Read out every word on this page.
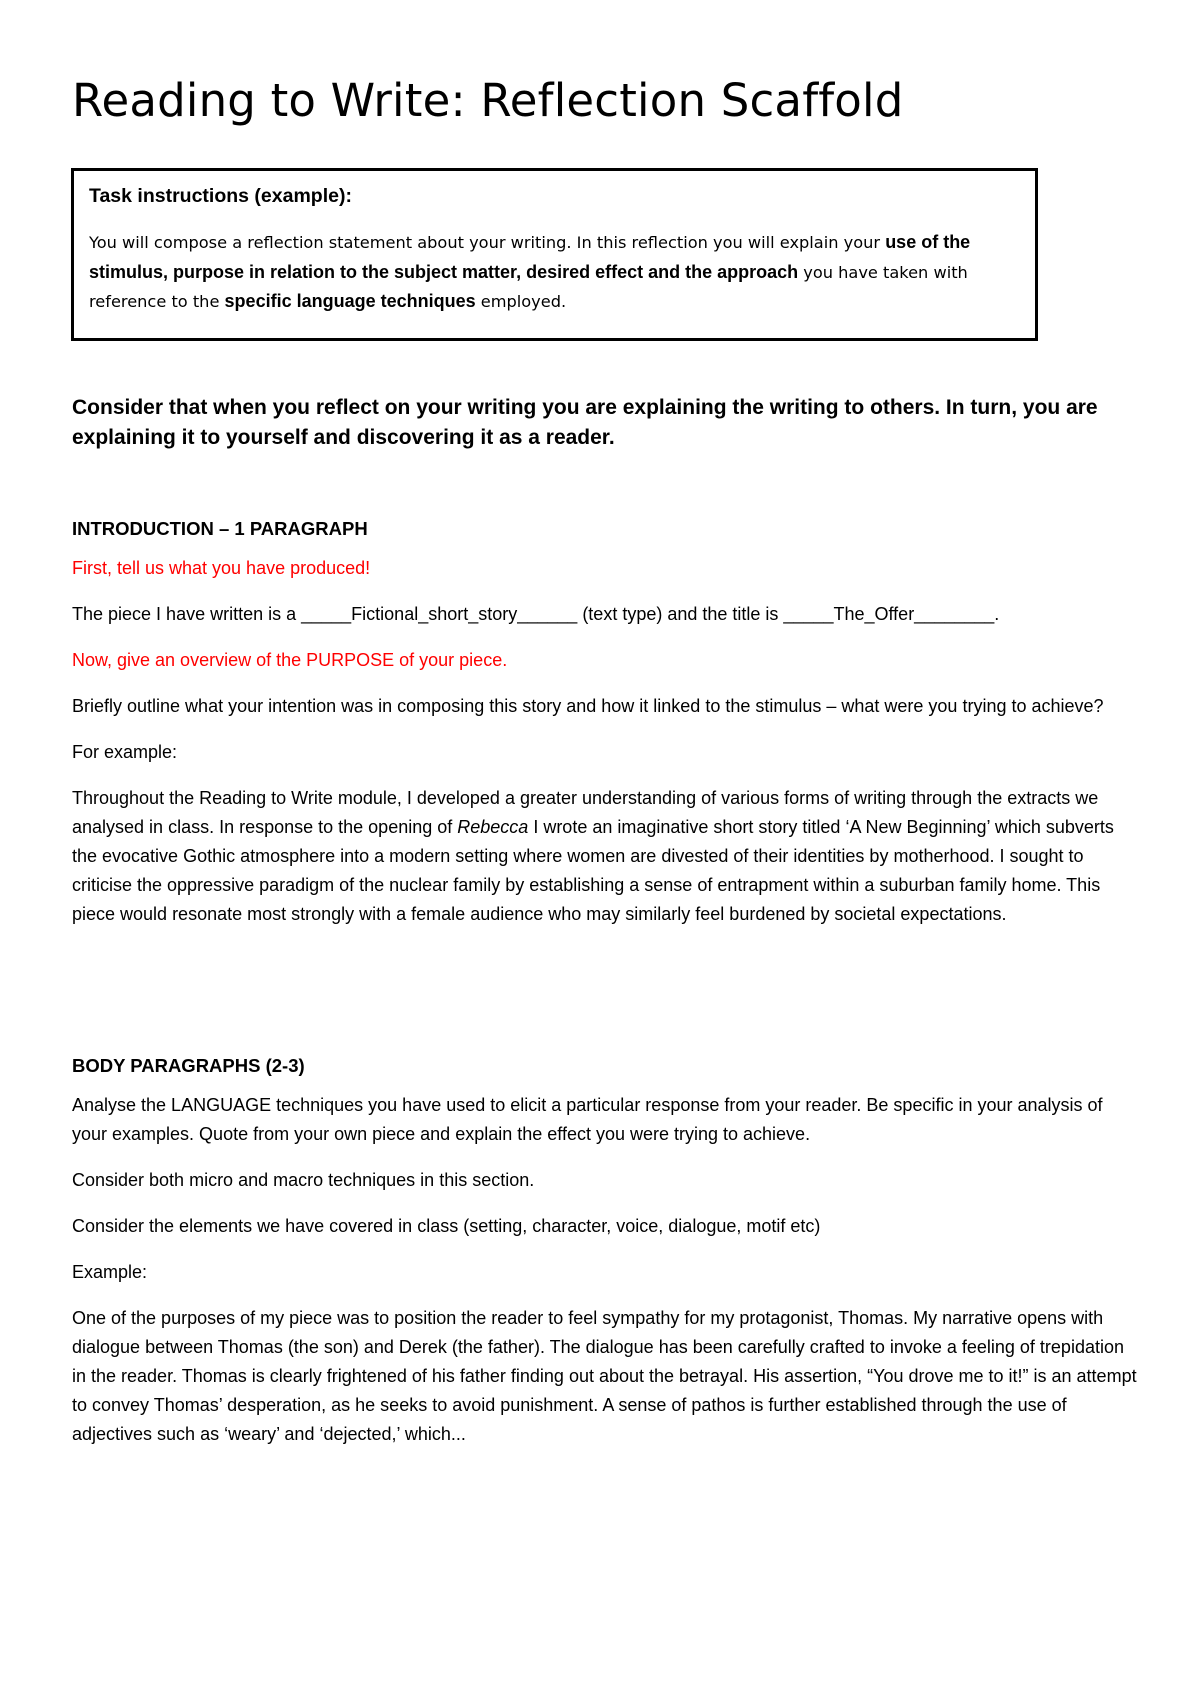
Reading to Write: Reflection Scaffold

Task instructions (example):

You will compose a reflection statement about your writing. In this reflection you will explain your use of the stimulus, purpose in relation to the subject matter, desired effect and the approach you have taken with reference to the specific language techniques employed.

Consider that when you reflect on your writing you are explaining the writing to others. In turn, you are explaining it to yourself and discovering it as a reader.

INTRODUCTION – 1 PARAGRAPH

First, tell us what you have produced!

The piece I have written is a _____Fictional_short_story______ (text type) and the title is _____The_Offer________.

Now, give an overview of the PURPOSE of your piece.

Briefly outline what your intention was in composing this story and how it linked to the stimulus – what were you trying to achieve?

For example:

Throughout the Reading to Write module, I developed a greater understanding of various forms of writing through the extracts we analysed in class. In response to the opening of Rebecca I wrote an imaginative short story titled ‘A New Beginning’ which subverts the evocative Gothic atmosphere into a modern setting where women are divested of their identities by motherhood. I sought to criticise the oppressive paradigm of the nuclear family by establishing a sense of entrapment within a suburban family home. This piece would resonate most strongly with a female audience who may similarly feel burdened by societal expectations.

BODY PARAGRAPHS (2-3)

Analyse the LANGUAGE techniques you have used to elicit a particular response from your reader. Be specific in your analysis of your examples. Quote from your own piece and explain the effect you were trying to achieve.

Consider both micro and macro techniques in this section.

Consider the elements we have covered in class (setting, character, voice, dialogue, motif etc)

Example:

One of the purposes of my piece was to position the reader to feel sympathy for my protagonist, Thomas. My narrative opens with dialogue between Thomas (the son) and Derek (the father). The dialogue has been carefully crafted to invoke a feeling of trepidation in the reader. Thomas is clearly frightened of his father finding out about the betrayal. His assertion, “You drove me to it!” is an attempt to convey Thomas’ desperation, as he seeks to avoid punishment. A sense of pathos is further established through the use of adjectives such as ‘weary’ and ‘dejected,’ which...
